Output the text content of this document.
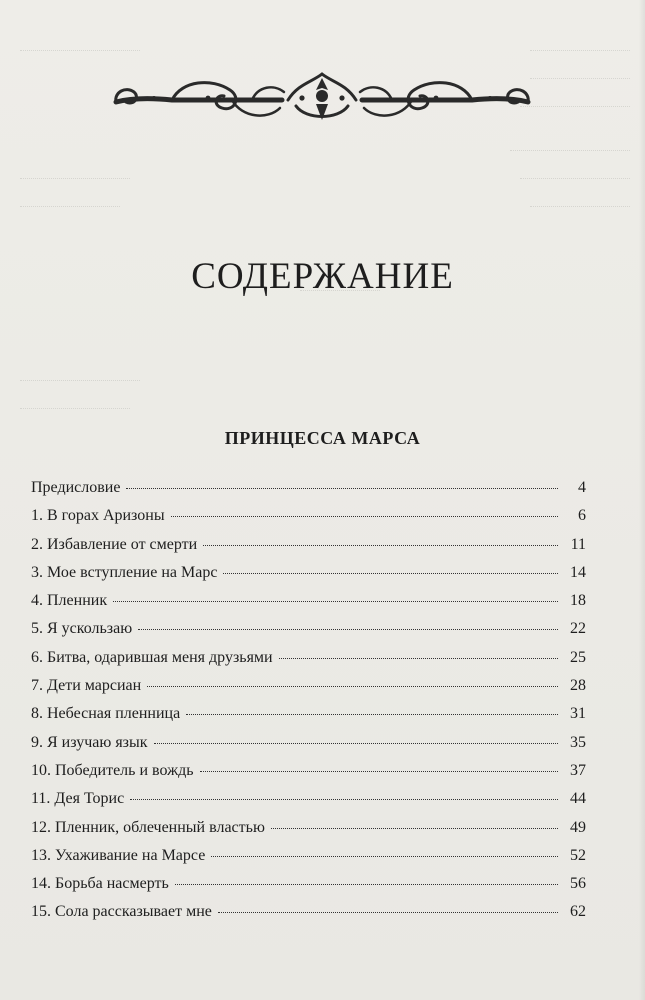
СОДЕРЖАНИЕ
ПРИНЦЕССА МАРСА
Предисловие	4
1. В горах Аризоны	6
2. Избавление от смерти	11
3. Мое вступление на Марс	14
4. Пленник	18
5. Я ускользаю	22
6. Битва, одарившая меня друзьями	25
7. Дети марсиан	28
8. Небесная пленница	31
9. Я изучаю язык	35
10. Победитель и вождь	37
11. Дея Торис	44
12. Пленник, облеченный властью	49
13. Ухаживание на Марсе	52
14. Борьба насмерть	56
15. Сола рассказывает мне	62
